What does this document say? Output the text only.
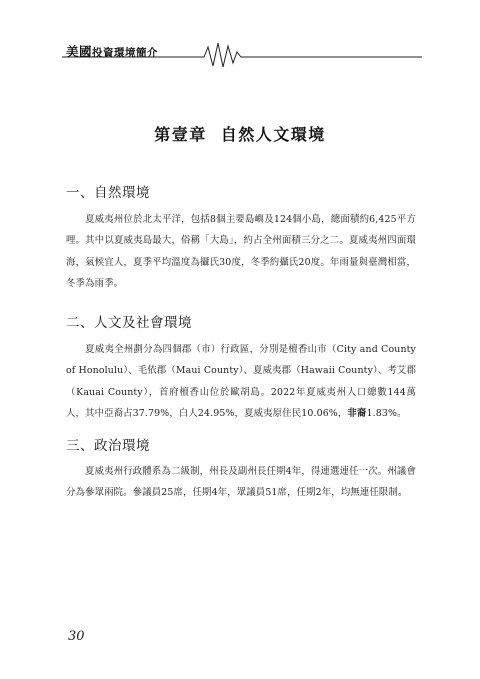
美國投資環境簡介
第壹章 自然人文環境
一、自然環境
夏威夷州位於北太平洋，包括8個主要島嶼及124個小島，總面積約6,425平方哩。其中以夏威夷島最大，俗稱「大島」，約占全州面積三分之二。夏威夷州四面環海，氣候宜人，夏季平均溫度為攝氏30度，冬季約攝氏20度。年雨量與臺灣相當，冬季為雨季。
二、人文及社會環境
夏威夷全州劃分為四個郡（市）行政區，分別是檀香山市（City and County of Honolulu）、毛依郡（Maui County）、夏威夷郡（Hawaii County）、考艾郡（Kauai County），首府檀香山位於歐胡島。2022年夏威夷州人口總數144萬人，其中亞裔占37.79%，白人24.95%，夏威夷原住民10.06%，非裔1.83%。
三、政治環境
夏威夷州行政體系為二級制，州長及副州長任期4年，得連選連任一次。州議會分為參眾兩院。參議員25席，任期4年，眾議員51席，任期2年，均無連任限制。
30
